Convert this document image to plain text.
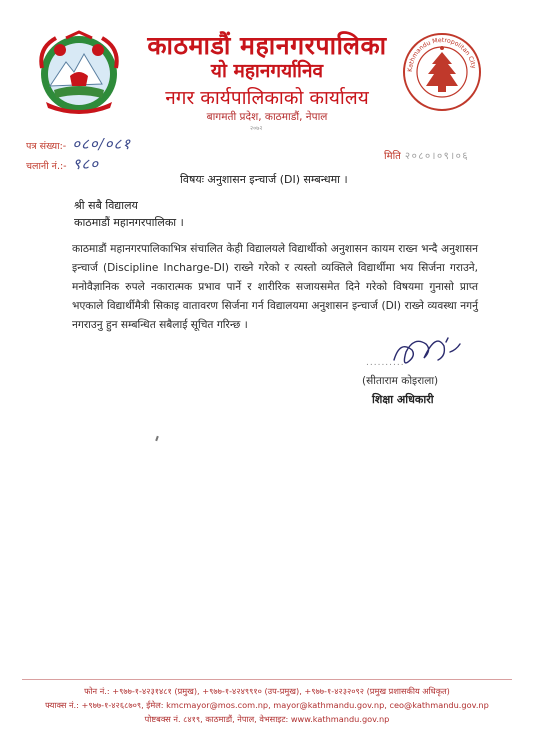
काठमाडौं महानगरपालिका
यो महानगर्यानिव
नगर कार्यपालिकाको कार्यालय
बागमती प्रदेश, काठमाडौं, नेपाल
२०७२
Kathmandu Metropolitan City
पत्र संख्या:- ०८०/०८१
चलानी नं.:- ९८०	मिति २०८०।०९।०६
विषयः अनुशासन इन्चार्ज (DI) सम्बन्धमा ।
श्री सबै विद्यालय
काठमाडौं महानगरपालिका ।
काठमाडौं महानगरपालिकाभित्र संचालित केही विद्यालयले विद्यार्थीको अनुशासन कायम राख्न भन्दै अनुशासन इन्चार्ज (Discipline Incharge-DI) राख्ने गरेको र त्यस्तो व्यक्तिले विद्यार्थीमा भय सिर्जना गराउने, मनोवैज्ञानिक रुपले नकारात्मक प्रभाव पार्ने र शारीरिक सजायसमेत दिने गरेको विषयमा गुनासो प्राप्त भएकाले विद्यार्थीमैत्री सिकाइ वातावरण सिर्जना गर्न विद्यालयमा अनुशासन इन्चार्ज (DI) राख्ने व्यवस्था नगर्नु नगराउनु हुन सम्बन्धित सबैलाई सूचित गरिन्छ ।
..........
(सीताराम कोइराला)
शिक्षा अधिकारी
फोन नं.: +९७७-१-४२३१४८१ (प्रमुख), +९७७-१-४२४९९१० (उप-प्रमुख), +९७७-१-४२३२०९२ (प्रमुख प्रशासकीय अधिकृत)
फ्याक्स नं.: +९७७-१-४२६८७०९, ईमेल: kmcmayor@mos.com.np, mayor@kathmandu.gov.np, ceo@kathmandu.gov.np
पोष्टबक्स नं. ८४१९, काठमाडौं, नेपाल, वेभसाइट: www.kathmandu.gov.np
